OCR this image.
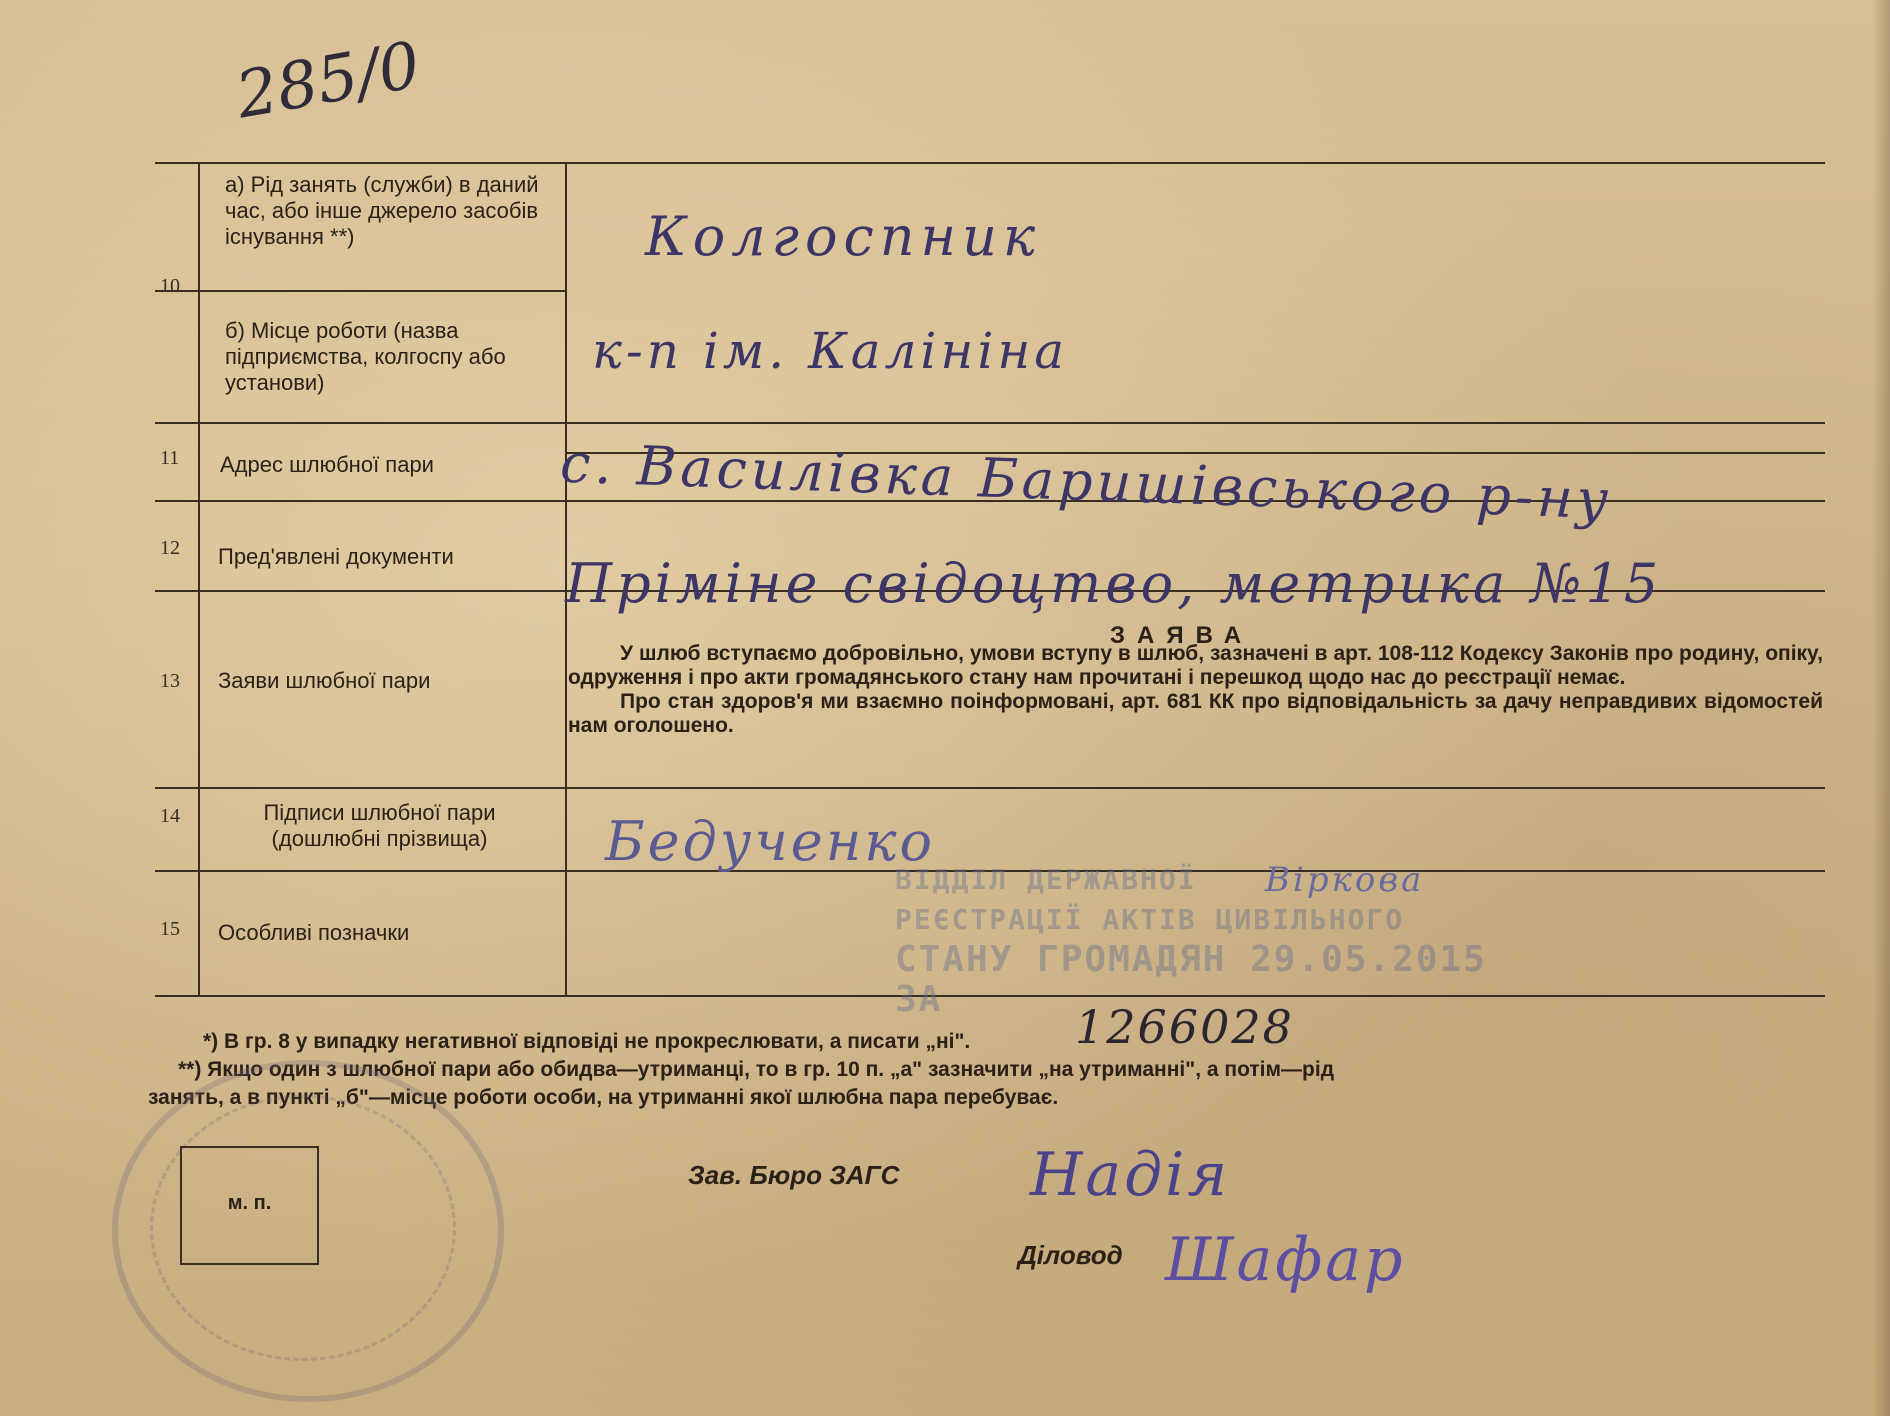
285/0
10
11
12
13
14
15
а) Рід занять (служби) в даний час, або інше джерело засобів існування **)
б) Місце роботи (назва підприємства, колгоспу або установи)
Адрес шлюбної пари
Пред'явлені документи
Заяви шлюбної пари
Підписи шлюбної пари (дошлюбні прізвища)
Особливі позначки
Колгоспник
к-п ім. Калініна
с. Василівка Баришівського р-ну
Пріміне свідоцтво, метрика №15
ЗАЯВА

У шлюб вступаємо добровільно, умови вступу в шлюб, зазначені в арт. 108-112 Кодексу Законів про родину, опіку, одруження і про акти громадянського стану нам прочитані і перешкод щодо нас до реєстрації немає.

Про стан здоров'я ми взаємно поінформовані, арт. 681 КК про відповідальність за дачу неправдивих відомостей нам оголошено.

Бедученко
Віркова
ВІДДІЛ ДЕРЖАВНОЇ
РЕЄСТРАЦІЇ АКТІВ ЦИВІЛЬНОГО
СТАНУ ГРОМАДЯН 29.05.2015
ЗА
1266028
*) В гр. 8 у випадку негативної відповіді не прокреслювати, а писати „ні".
**) Якщо один з шлюбної пари або обидва—утриманці, то в гр. 10 п. „а" зазначити „на утриманні", а потім—рід
занять, а в пункті „б"—місце роботи особи, на утриманні якої шлюбна пара перебуває.
м. п.
Зав. Бюро ЗАГС Надія
Діловод Шафар
